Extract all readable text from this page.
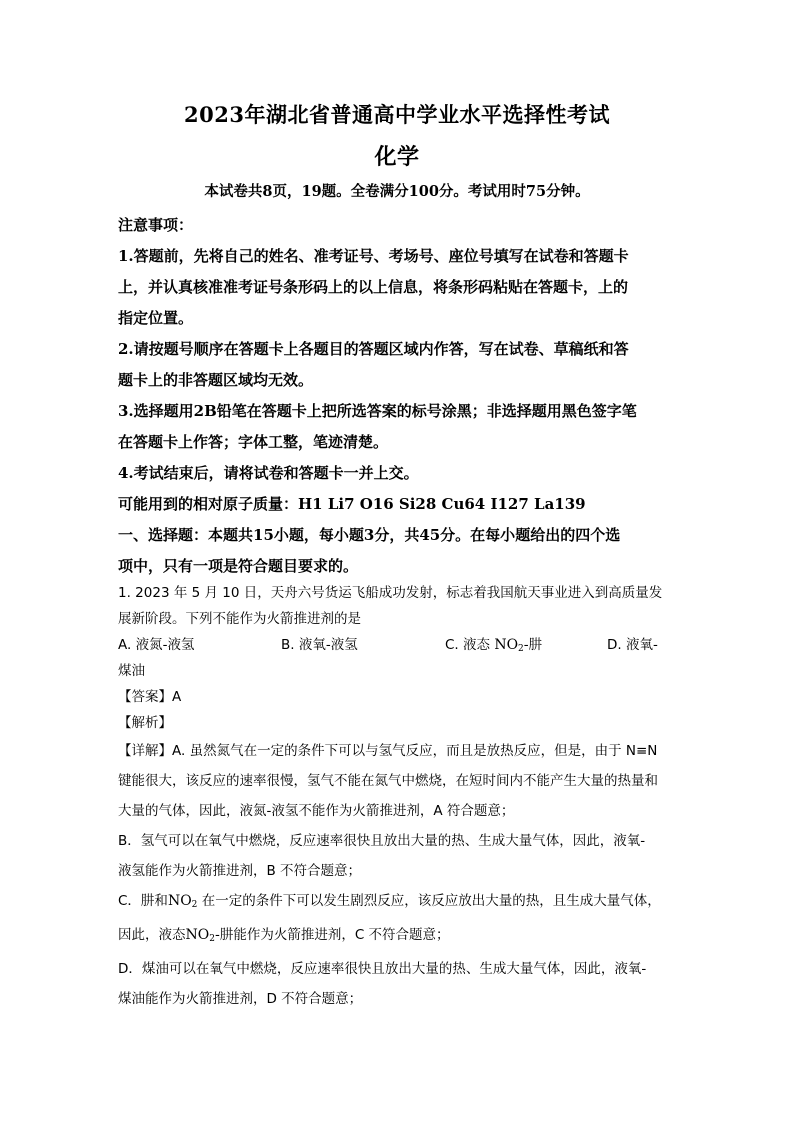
2023年湖北省普通高中学业水平选择性考试
化学
本试卷共8页，19题。全卷满分100分。考试用时75分钟。

注意事项：

1.答题前，先将自己的姓名、准考证号、考场号、座位号填写在试卷和答题卡

上，并认真核准准考证号条形码上的以上信息，将条形码粘贴在答题卡，上的

指定位置。

2.请按题号顺序在答题卡上各题目的答题区域内作答，写在试卷、草稿纸和答

题卡上的非答题区域均无效。

3.选择题用2B铅笔在答题卡上把所选答案的标号涂黑；非选择题用黑色签字笔

在答题卡上作答；字体工整，笔迹清楚。

4.考试结束后，请将试卷和答题卡一并上交。

可能用到的相对原子质量：H1 Li7 O16 Si28 Cu64 I127 La139

一、选择题：本题共15小题，每小题3分，共45分。在每小题给出的四个选

项中，只有一项是符合题目要求的。

1. 2023 年 5 月 10 日，天舟六号货运飞船成功发射，标志着我国航天事业进入到高质量发

展新阶段。下列不能作为火箭推进剂的是

A. 液氮-液氢	B. 液氧-液氢	C. 液态 $NO_2-$肼	D. 液氧-

煤油

【答案】A

【解析】

【详解】A. 虽然氮气在一定的条件下可以与氢气反应，而且是放热反应，但是，由于 N≡N

键能很大，该反应的速率很慢，氢气不能在氮气中燃烧，在短时间内不能产生大量的热量和

大量的气体，因此，液氮-液氢不能作为火箭推进剂，A 符合题意；

B．氢气可以在氧气中燃烧，反应速率很快且放出大量的热、生成大量气体，因此，液氧-

液氢能作为火箭推进剂，B 不符合题意；

C．肼和$NO_2$ 在一定的条件下可以发生剧烈反应，该反应放出大量的热，且生成大量气体，

因此，液态$NO_2-$肼能作为火箭推进剂，C 不符合题意；

D．煤油可以在氧气中燃烧，反应速率很快且放出大量的热、生成大量气体，因此，液氧-

煤油能作为火箭推进剂，D 不符合题意；
